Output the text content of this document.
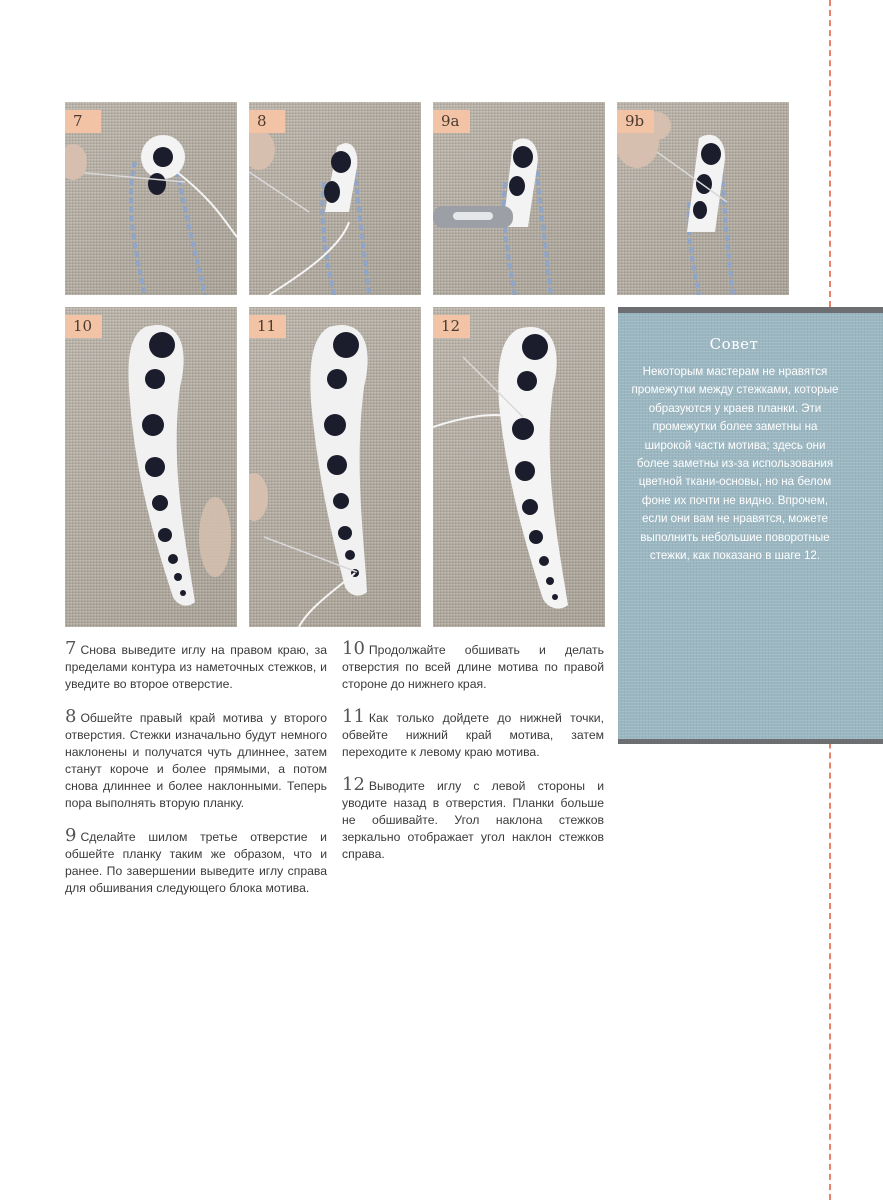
7	8	9a	9b
10	11	12

7 Снова выведите иглу на правом краю, за пределами контура из наметочных стежков, и уведите во второе отверстие.

8 Обшейте правый край мотива у второго отверстия. Стежки изначально будут немного наклонены и получатся чуть длиннее, затем станут короче и более прямыми, а потом снова длиннее и более наклонными. Теперь пора выполнять вторую планку.

9 Сделайте шилом третье отверстие и обшейте планку таким же образом, что и ранее. По завершении выведите иглу справа для обшивания следующего блока мотива.

10 Продолжайте обшивать и делать отверстия по всей длине мотива по правой стороне до нижнего края.

11 Как только дойдете до нижней точки, обвейте нижний край мотива, затем переходите к левому краю мотива.

12 Выводите иглу с левой стороны и уводите назад в отверстия. Планки больше не обшивайте. Угол наклона стежков зеркально отображает угол наклон стежков справа.

Совет
Некоторым мастерам не нравятся промежутки между стежками, которые образуются у краев планки. Эти промежутки более заметны на широкой части мотива; здесь они более заметны из-за использования цветной ткани-основы, но на белом фоне их почти не видно. Впрочем, если они вам не нравятся, можете выполнить небольшие поворотные стежки, как показано в шаге 12.
